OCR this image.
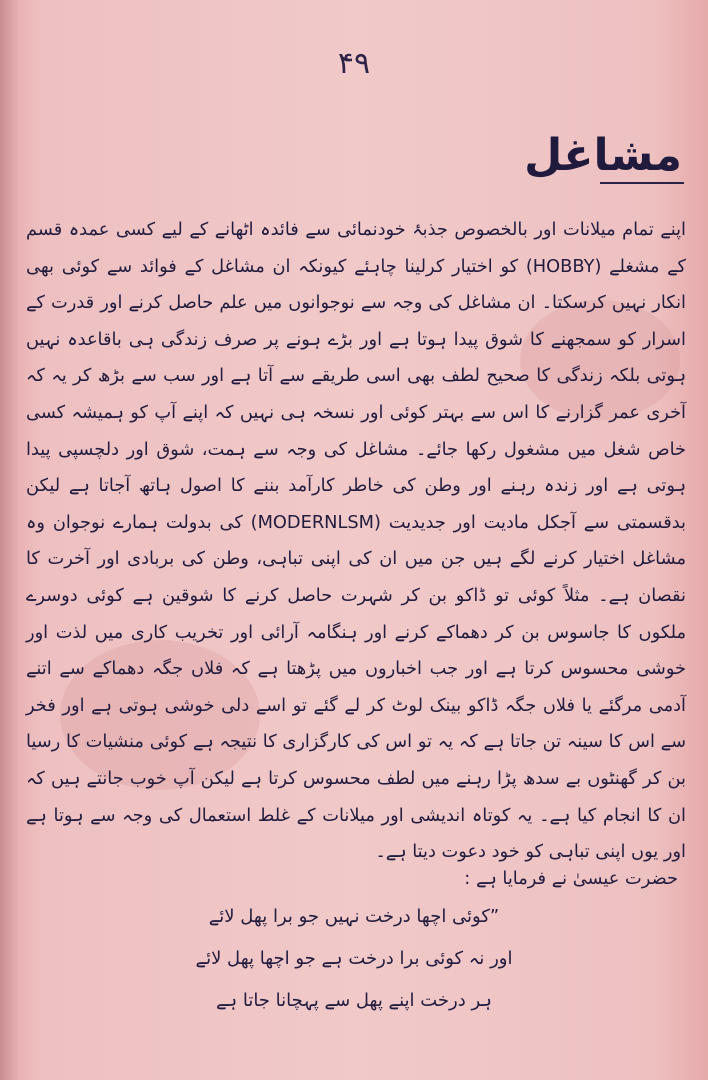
۴۹
مشاغل

اپنے تمام میلانات اور بالخصوص جذبۂ خودنمائی سے فائدہ اٹھانے کے لیے کسی عمدہ قسم کے مشغلے (HOBBY) کو اختیار کرلینا چاہئے کیونکہ ان مشاغل کے فوائد سے کوئی بھی انکار نہیں کرسکتا۔ ان مشاغل کی وجہ سے نوجوانوں میں علم حاصل کرنے اور قدرت کے اسرار کو سمجھنے کا شوق پیدا ہوتا ہے اور بڑے ہونے پر صرف زندگی ہی باقاعدہ نہیں ہوتی بلکہ زندگی کا صحیح لطف بھی اسی طریقے سے آتا ہے اور سب سے بڑھ کر یہ کہ آخری عمر گزارنے کا اس سے بہتر کوئی اور نسخہ ہی نہیں کہ اپنے آپ کو ہمیشہ کسی خاص شغل میں مشغول رکھا جائے۔ مشاغل کی وجہ سے ہمت، شوق اور دلچسپی پیدا ہوتی ہے اور زندہ رہنے اور وطن کی خاطر کارآمد بننے کا اصول ہاتھ آجاتا ہے لیکن بدقسمتی سے آجکل مادیت اور جدیدیت (MODERNLSM) کی بدولت ہمارے نوجوان وہ مشاغل اختیار کرنے لگے ہیں جن میں ان کی اپنی تباہی، وطن کی بربادی اور آخرت کا نقصان ہے۔ مثلاً کوئی تو ڈاکو بن کر شہرت حاصل کرنے کا شوقین ہے کوئی دوسرے ملکوں کا جاسوس بن کر دھماکے کرنے اور ہنگامہ آرائی اور تخریب کاری میں لذت اور خوشی محسوس کرتا ہے اور جب اخباروں میں پڑھتا ہے کہ فلاں جگہ دھماکے سے اتنے آدمی مرگئے یا فلاں جگہ ڈاکو بینک لوٹ کر لے گئے تو اسے دلی خوشی ہوتی ہے اور فخر سے اس کا سینہ تن جاتا ہے کہ یہ تو اس کی کارگزاری کا نتیجہ ہے کوئی منشیات کا رسیا بن کر گھنٹوں بے سدھ پڑا رہنے میں لطف محسوس کرتا ہے لیکن آپ خوب جانتے ہیں کہ ان کا انجام کیا ہے۔ یہ کوتاہ اندیشی اور میلانات کے غلط استعمال کی وجہ سے ہوتا ہے اور یوں اپنی تباہی کو خود دعوت دیتا ہے۔

حضرت عیسیٰ نے فرمایا ہے :
”کوئی اچھا درخت نہیں جو برا پھل لائے
اور نہ کوئی برا درخت ہے جو اچھا پھل لائے
ہر درخت اپنے پھل سے پہچانا جاتا ہے
